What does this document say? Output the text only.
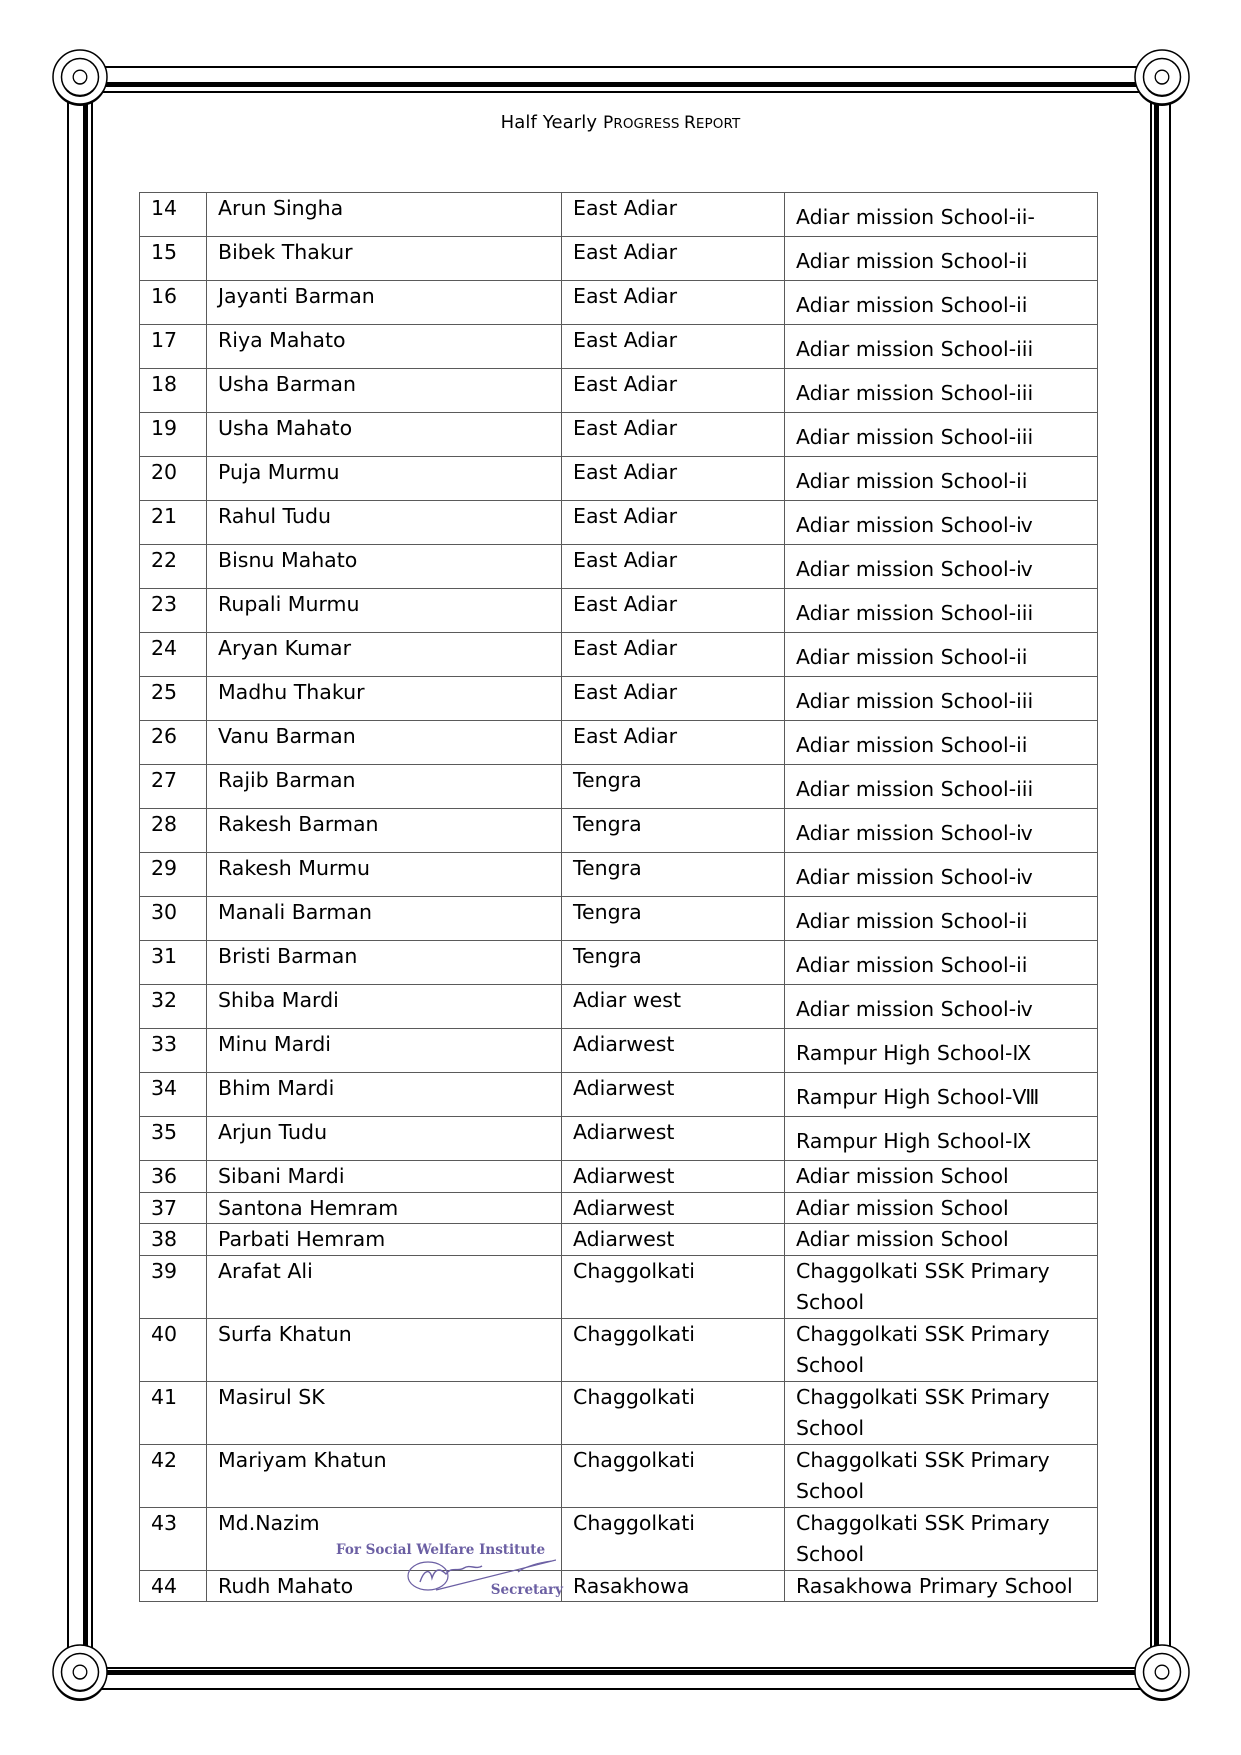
Half Yearly PROGRESS REPORT
14	Arun Singha	East Adiar	Adiar mission School-ⅰⅰ-
15	Bibek Thakur	East Adiar	Adiar mission School-ⅰⅰ
16	Jayanti Barman	East Adiar	Adiar mission School-ⅰⅰ
17	Riya Mahato	East Adiar	Adiar mission School-iii
18	Usha Barman	East Adiar	Adiar mission School-iii
19	Usha Mahato	East Adiar	Adiar mission School-iii
20	Puja Murmu	East Adiar	Adiar mission School-ⅰⅰ
21	Rahul Tudu	East Adiar	Adiar mission School-ⅳ
22	Bisnu Mahato	East Adiar	Adiar mission School-ⅳ
23	Rupali Murmu	East Adiar	Adiar mission School-iii
24	Aryan Kumar	East Adiar	Adiar mission School-ⅰⅰ
25	Madhu Thakur	East Adiar	Adiar mission School-iii
26	Vanu Barman	East Adiar	Adiar mission School-ⅰⅰ
27	Rajib Barman	Tengra	Adiar mission School-iii
28	Rakesh Barman	Tengra	Adiar mission School-ⅳ
29	Rakesh Murmu	Tengra	Adiar mission School-ⅳ
30	Manali Barman	Tengra	Adiar mission School-ⅰⅰ
31	Bristi Barman	Tengra	Adiar mission School-ⅰⅰ
32	Shiba Mardi	Adiar west	Adiar mission School-ⅳ
33	Minu Mardi	Adiarwest	Rampur High School-Ⅸ
34	Bhim Mardi	Adiarwest	Rampur High School-Ⅷ
35	Arjun Tudu	Adiarwest	Rampur High School-Ⅸ
36	Sibani Mardi	Adiarwest	Adiar mission School
37	Santona Hemram	Adiarwest	Adiar mission School
38	Parbati Hemram	Adiarwest	Adiar mission School
39	Arafat Ali	Chaggolkati	Chaggolkati SSK Primary School
40	Surfa Khatun	Chaggolkati	Chaggolkati SSK Primary School
41	Masirul SK	Chaggolkati	Chaggolkati SSK Primary School
42	Mariyam Khatun	Chaggolkati	Chaggolkati SSK Primary School
43	Md.Nazim	Chaggolkati	Chaggolkati SSK Primary School
44	Rudh Mahato	Rasakhowa	Rasakhowa Primary School
For Social Welfare Institute
Secretary
